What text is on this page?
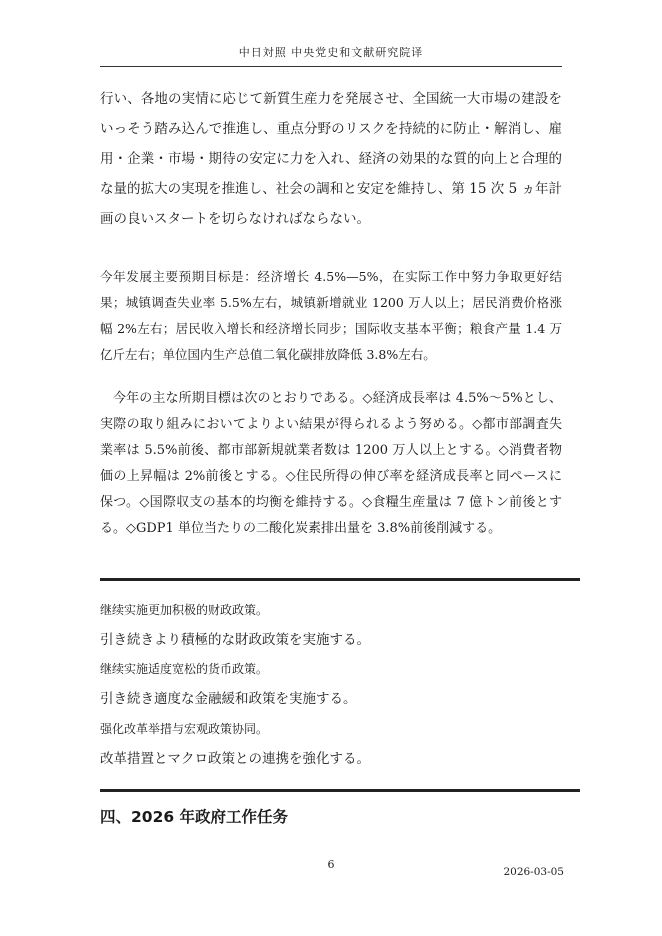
中日対照 中央党史和文献研究院译
行い、各地の実情に応じて新質生産力を発展させ、全国統一大市場の建設をいっそう踏み込んで推進し、重点分野のリスクを持続的に防止・解消し、雇用・企業・市場・期待の安定に力を入れ、経済の効果的な質的向上と合理的な量的拡大の実現を推進し、社会の調和と安定を維持し、第 15 次 5 ヵ年計画の良いスタートを切らなければならない。
今年发展主要预期目标是：经济增长 4.5%—5%，在实际工作中努力争取更好结果；城镇调查失业率 5.5%左右，城镇新增就业 1200 万人以上；居民消费价格涨幅 2%左右；居民收入增长和经济增长同步；国际收支基本平衡；粮食产量 1.4 万亿斤左右；单位国内生产总值二氧化碳排放降低 3.8%左右。
今年の主な所期目標は次のとおりである。◇経済成長率は 4.5%～5%とし、実際の取り組みにおいてよりよい結果が得られるよう努める。◇都市部調査失業率は 5.5%前後、都市部新規就業者数は 1200 万人以上とする。◇消費者物価の上昇幅は 2%前後とする。◇住民所得の伸び率を経済成長率と同ペースに保つ。◇国際収支の基本的均衡を維持する。◇食糧生産量は 7 億トン前後とする。◇GDP1 単位当たりの二酸化炭素排出量を 3.8%前後削減する。
继续实施更加积极的财政政策。
引き続きより積極的な財政政策を実施する。
继续实施适度宽松的货币政策。
引き続き適度な金融緩和政策を実施する。
强化改革举措与宏观政策协同。
改革措置とマクロ政策との連携を強化する。
四、2026 年政府工作任务
6
2026-03-05
